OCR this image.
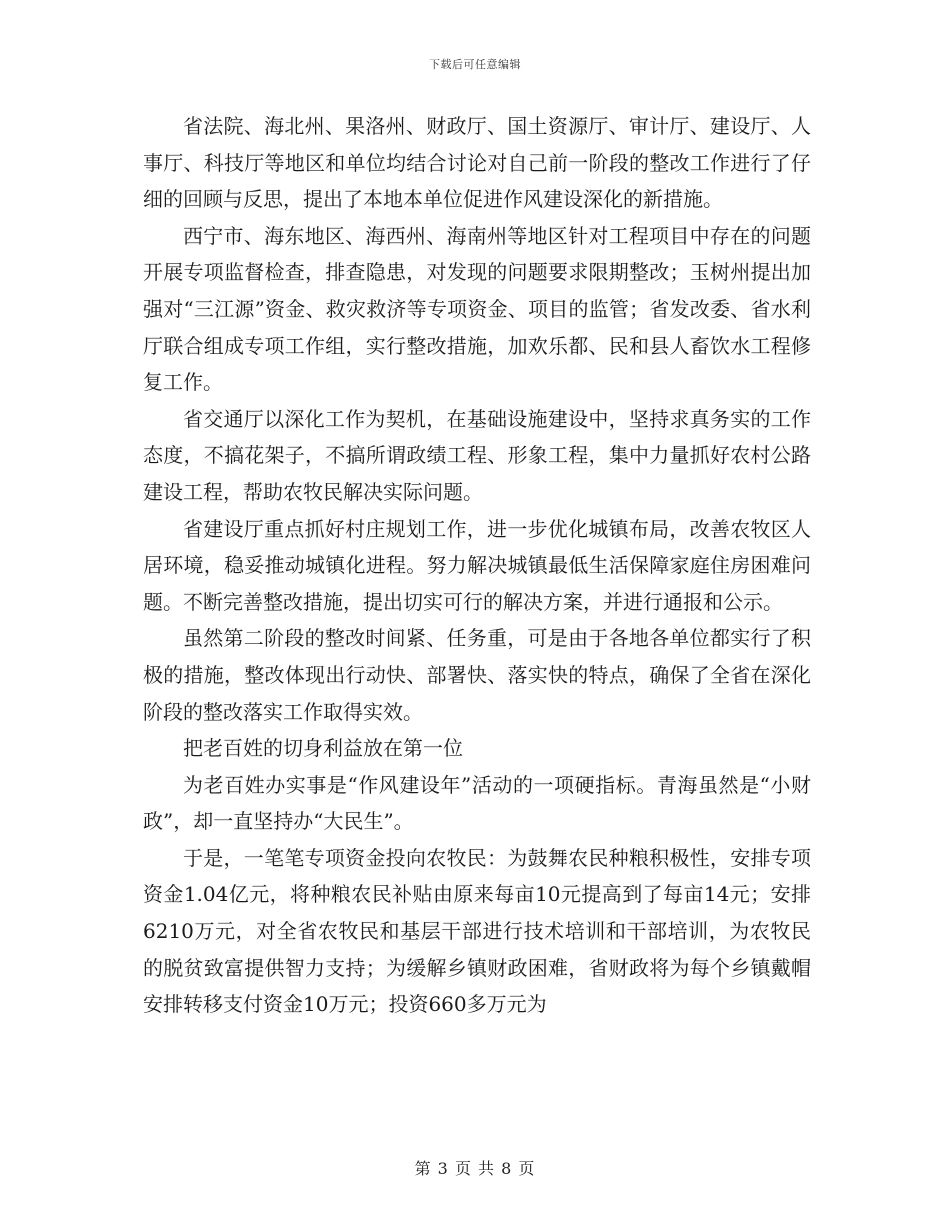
下载后可任意编辑

省法院、海北州、果洛州、财政厅、国土资源厅、审计厅、建设厅、人事厅、科技厅等地区和单位均结合讨论对自己前一阶段的整改工作进行了仔细的回顾与反思，提出了本地本单位促进作风建设深化的新措施。

西宁市、海东地区、海西州、海南州等地区针对工程项目中存在的问题开展专项监督检查，排查隐患，对发现的问题要求限期整改；玉树州提出加强对“三江源”资金、救灾救济等专项资金、项目的监管；省发改委、省水利厅联合组成专项工作组，实行整改措施，加欢乐都、民和县人畜饮水工程修复工作。

省交通厅以深化工作为契机，在基础设施建设中，坚持求真务实的工作态度，不搞花架子，不搞所谓政绩工程、形象工程，集中力量抓好农村公路建设工程，帮助农牧民解决实际问题。

省建设厅重点抓好村庄规划工作，进一步优化城镇布局，改善农牧区人居环境，稳妥推动城镇化进程。努力解决城镇最低生活保障家庭住房困难问题。不断完善整改措施，提出切实可行的解决方案，并进行通报和公示。

虽然第二阶段的整改时间紧、任务重，可是由于各地各单位都实行了积极的措施，整改体现出行动快、部署快、落实快的特点，确保了全省在深化阶段的整改落实工作取得实效。

把老百姓的切身利益放在第一位

为老百姓办实事是“作风建设年”活动的一项硬指标。青海虽然是“小财政”，却一直坚持办“大民生”。

于是，一笔笔专项资金投向农牧民：为鼓舞农民种粮积极性，安排专项资金1.04亿元，将种粮农民补贴由原来每亩10元提高到了每亩14元；安排6210万元，对全省农牧民和基层干部进行技术培训和干部培训，为农牧民的脱贫致富提供智力支持；为缓解乡镇财政困难，省财政将为每个乡镇戴帽安排转移支付资金10万元；投资660多万元为

第 3 页 共 8 页
